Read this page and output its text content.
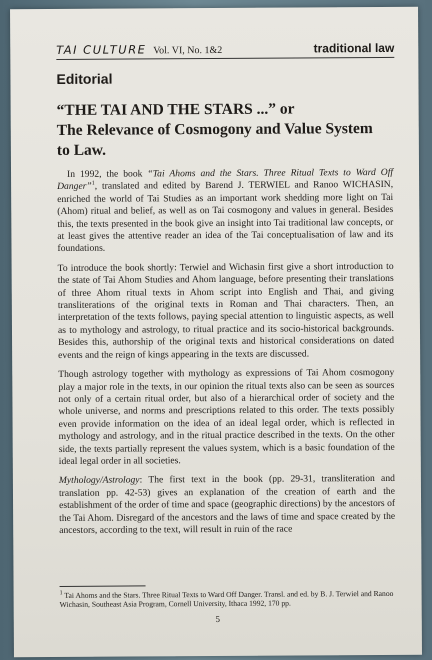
TAI CULTURE Vol. VI, No. 1&2	traditional law
Editorial
“THE TAI AND THE STARS ...” or
The Relevance of Cosmogony and Value System
to Law.

In 1992, the book “Tai Ahoms and the Stars. Three Ritual Texts to Ward Off Danger”$^1$, translated and edited by Barend J. TERWIEL and Ranoo WICHASIN, enriched the world of Tai Studies as an important work shedding more light on Tai (Ahom) ritual and belief, as well as on Tai cosmogony and values in general. Besides this, the texts presented in the book give an insight into Tai traditional law concepts, or at least gives the attentive reader an idea of the Tai conceptualisation of law and its foundations.

To introduce the book shortly: Terwiel and Wichasin first give a short introduction to the state of Tai Ahom Studies and Ahom language, before presenting their translations of three Ahom ritual texts in Ahom script into English and Thai, and giving transliterations of the original texts in Roman and Thai characters. Then, an interpretation of the texts follows, paying special attention to linguistic aspects, as well as to mythology and astrology, to ritual practice and its socio-historical backgrounds. Besides this, authorship of the original texts and historical considerations on dated events and the reign of kings appearing in the texts are discussed.

Though astrology together with mythology as expressions of Tai Ahom cosmogony play a major role in the texts, in our opinion the ritual texts also can be seen as sources not only of a certain ritual order, but also of a hierarchical order of society and the whole universe, and norms and prescriptions related to this order. The texts possibly even provide information on the idea of an ideal legal order, which is reflected in mythology and astrology, and in the ritual practice described in the texts. On the other side, the texts partially represent the values system, which is a basic foundation of the ideal legal order in all societies.

Mythology/Astrology: The first text in the book (pp. 29-31, transliteration and translation pp. 42-53) gives an explanation of the creation of earth and the establishment of the order of time and space (geographic directions) by the ancestors of the Tai Ahom. Disregard of the ancestors and the laws of time and space created by the ancestors, according to the text, will result in ruin of the race

$^1$ Tai Ahoms and the Stars. Three Ritual Texts to Ward Off Danger. Transl. and ed. by B. J. Terwiel and Ranoo Wichasin, Southeast Asia Program, Cornell University, Ithaca 1992, 170 pp.
5
